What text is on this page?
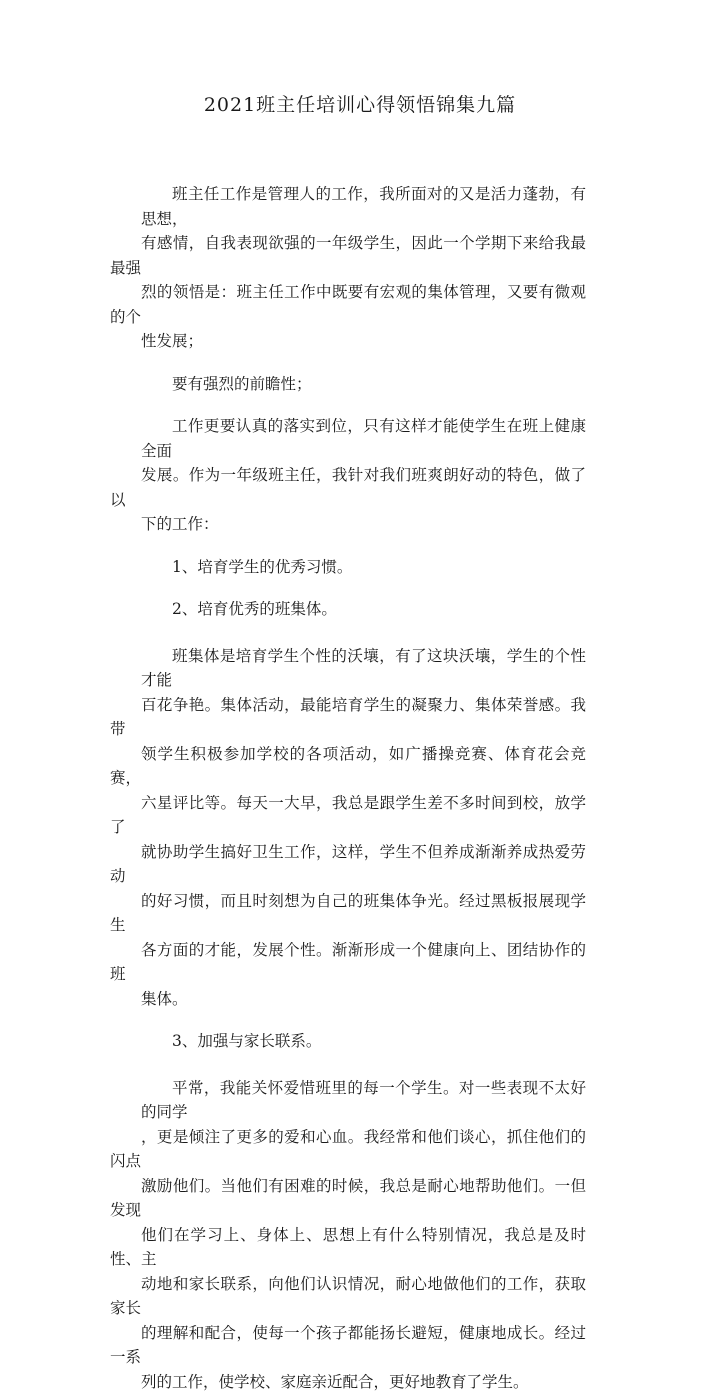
2021班主任培训心得领悟锦集九篇
班主任工作是管理人的工作，我所面对的又是活力蓬勃，有思想，
有感情，自我表现欲强的一年级学生，因此一个学期下来给我最最强
烈的领悟是：班主任工作中既要有宏观的集体管理，又要有微观的个
性发展；
要有强烈的前瞻性；
工作更要认真的落实到位，只有这样才能使学生在班上健康全面
发展。作为一年级班主任，我针对我们班爽朗好动的特色，做了以
下的工作：
1、培育学生的优秀习惯。
2、培育优秀的班集体。
班集体是培育学生个性的沃壤，有了这块沃壤，学生的个性才能
百花争艳。集体活动，最能培育学生的凝聚力、集体荣誉感。我带
领学生积极参加学校的各项活动，如广播操竞赛、体育花会竞赛，
六星评比等。每天一大早，我总是跟学生差不多时间到校，放学了
就协助学生搞好卫生工作，这样，学生不但养成渐渐养成热爱劳动
的好习惯，而且时刻想为自己的班集体争光。经过黑板报展现学生
各方面的才能，发展个性。渐渐形成一个健康向上、团结协作的班
集体。
3、加强与家长联系。
平常，我能关怀爱惜班里的每一个学生。对一些表现不太好的同学
，更是倾注了更多的爱和心血。我经常和他们谈心，抓住他们的闪点
激励他们。当他们有困难的时候，我总是耐心地帮助他们。一但发现
他们在学习上、身体上、思想上有什么特别情况，我总是及时性、主
动地和家长联系，向他们认识情况，耐心地做他们的工作，获取家长
的理解和配合，使每一个孩子都能扬长避短，健康地成长。经过一系
列的工作，使学校、家庭亲近配合，更好地教育了学生。
